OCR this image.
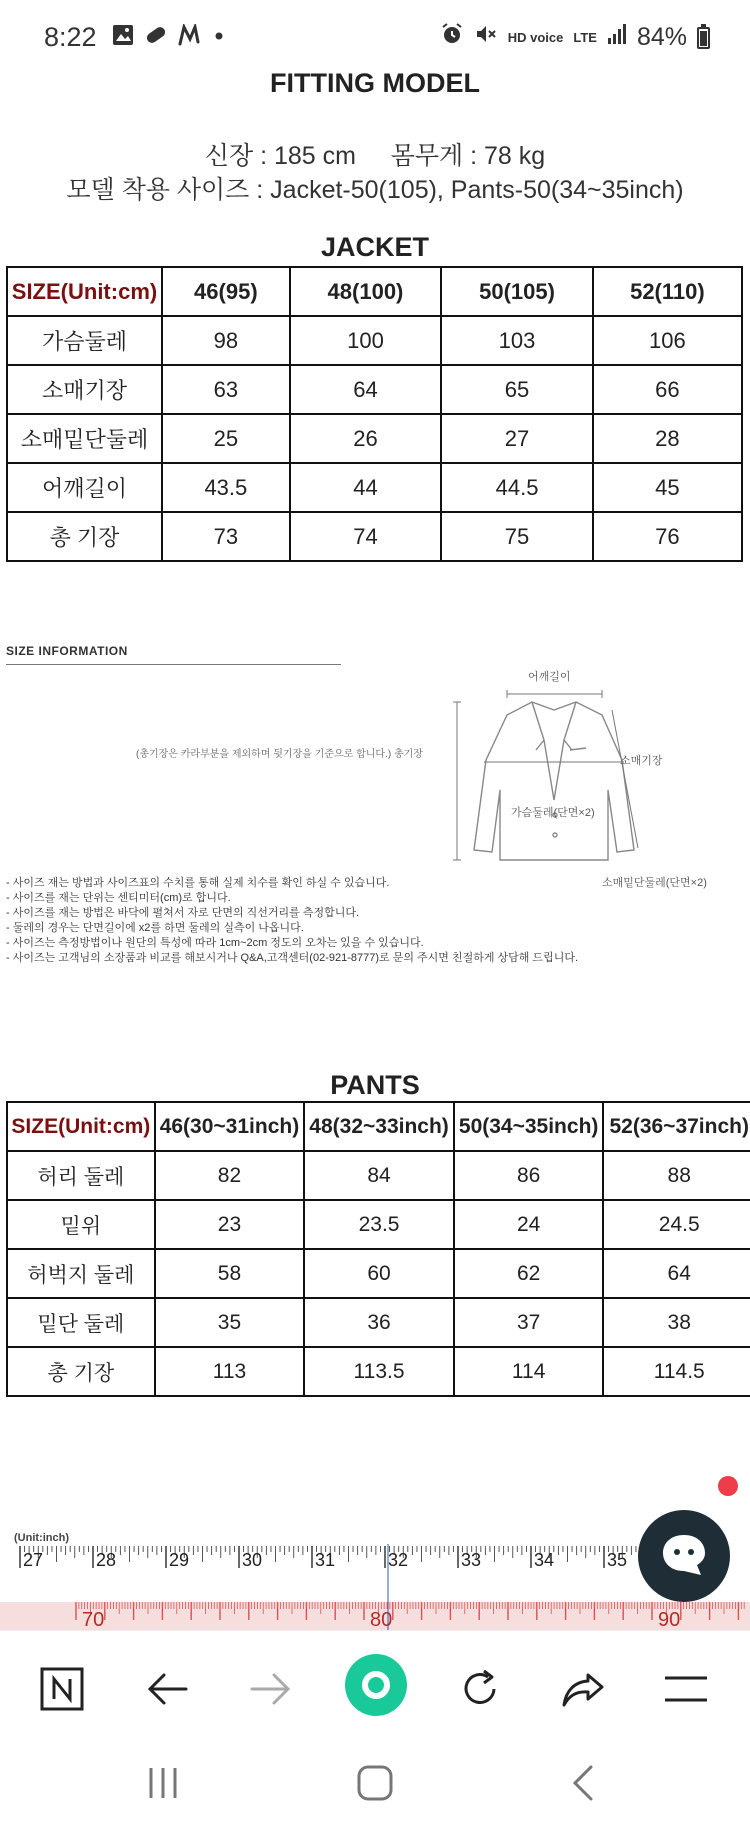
8:22	HD voice LTE 84%
FITTING MODEL
신장 : 185 cm     몸무게 : 78 kg
모델 착용 사이즈 : Jacket-50(105), Pants-50(34~35inch)
JACKET
SIZE(Unit:cm)	46(95)	48(100)	50(105)	52(110)
가슴둘레	98	100	103	106
소매기장	63	64	65	66
소매밑단둘레	25	26	27	28
어깨길이	43.5	44	44.5	45
총 기장	73	74	75	76
SIZE INFORMATION
(총기장은 카라부분을 제외하며 뒷기장을 기준으로 합니다.) 총기장
어깨길이
소매기장
가슴둘레(단면×2)
소매밑단둘레(단면×2)
- 사이즈 재는 방법과 사이즈표의 수치를 통해 실제 치수를 확인 하실 수 있습니다.
- 사이즈를 재는 단위는 센티미터(cm)로 합니다.
- 사이즈를 재는 방법은 바닥에 펼쳐서 자로 단면의 직선거리를 측정합니다.
- 둘레의 경우는 단면길이에 x2를 하면 둘레의 실측이 나옵니다.
- 사이즈는 측정방법이나 원단의 특성에 따라 1cm~2cm 정도의 오차는 있을 수 있습니다.
- 사이즈는 고객님의 소장품과 비교를 해보시거나 Q&A,고객센터(02-921-8777)로 문의 주시면 친절하게 상담해 드립니다.
PANTS
SIZE(Unit:cm)	46(30~31inch)	48(32~33inch)	50(34~35inch)	52(36~37inch)
허리 둘레	82	84	86	88
밑위	23	23.5	24	24.5
허벅지 둘레	58	60	62	64
밑단 둘레	35	36	37	38
총 기장	113	113.5	114	114.5
(Unit:inch)
27	28	29	30	31	32	33	34	35
70	80	90
